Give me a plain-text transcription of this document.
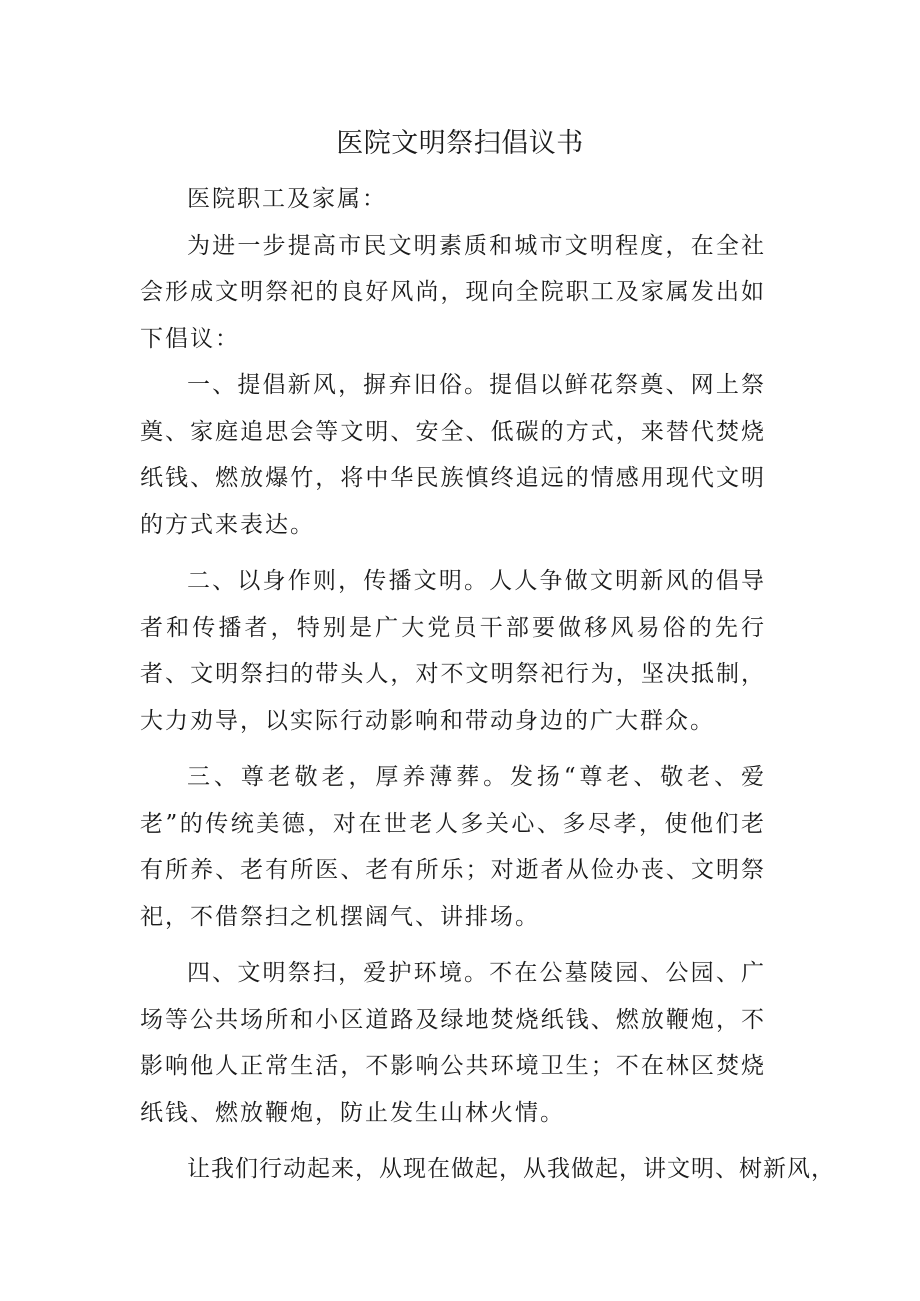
医院文明祭扫倡议书

医院职工及家属：

为进一步提高市民文明素质和城市文明程度，在全社会形成文明祭祀的良好风尚，现向全院职工及家属发出如下倡议：

一、提倡新风，摒弃旧俗。提倡以鲜花祭奠、网上祭奠、家庭追思会等文明、安全、低碳的方式，来替代焚烧纸钱、燃放爆竹，将中华民族慎终追远的情感用现代文明的方式来表达。

二、以身作则，传播文明。人人争做文明新风的倡导者和传播者，特别是广大党员干部要做移风易俗的先行者、文明祭扫的带头人，对不文明祭祀行为，坚决抵制，大力劝导，以实际行动影响和带动身边的广大群众。

三、尊老敬老，厚养薄葬。发扬“尊老、敬老、爱老”的传统美德，对在世老人多关心、多尽孝，使他们老有所养、老有所医、老有所乐；对逝者从俭办丧、文明祭祀，不借祭扫之机摆阔气、讲排场。

四、文明祭扫，爱护环境。不在公墓陵园、公园、广场等公共场所和小区道路及绿地焚烧纸钱、燃放鞭炮，不影响他人正常生活，不影响公共环境卫生；不在林区焚烧纸钱、燃放鞭炮，防止发生山林火情。

让我们行动起来，从现在做起，从我做起，讲文明、树新风，
